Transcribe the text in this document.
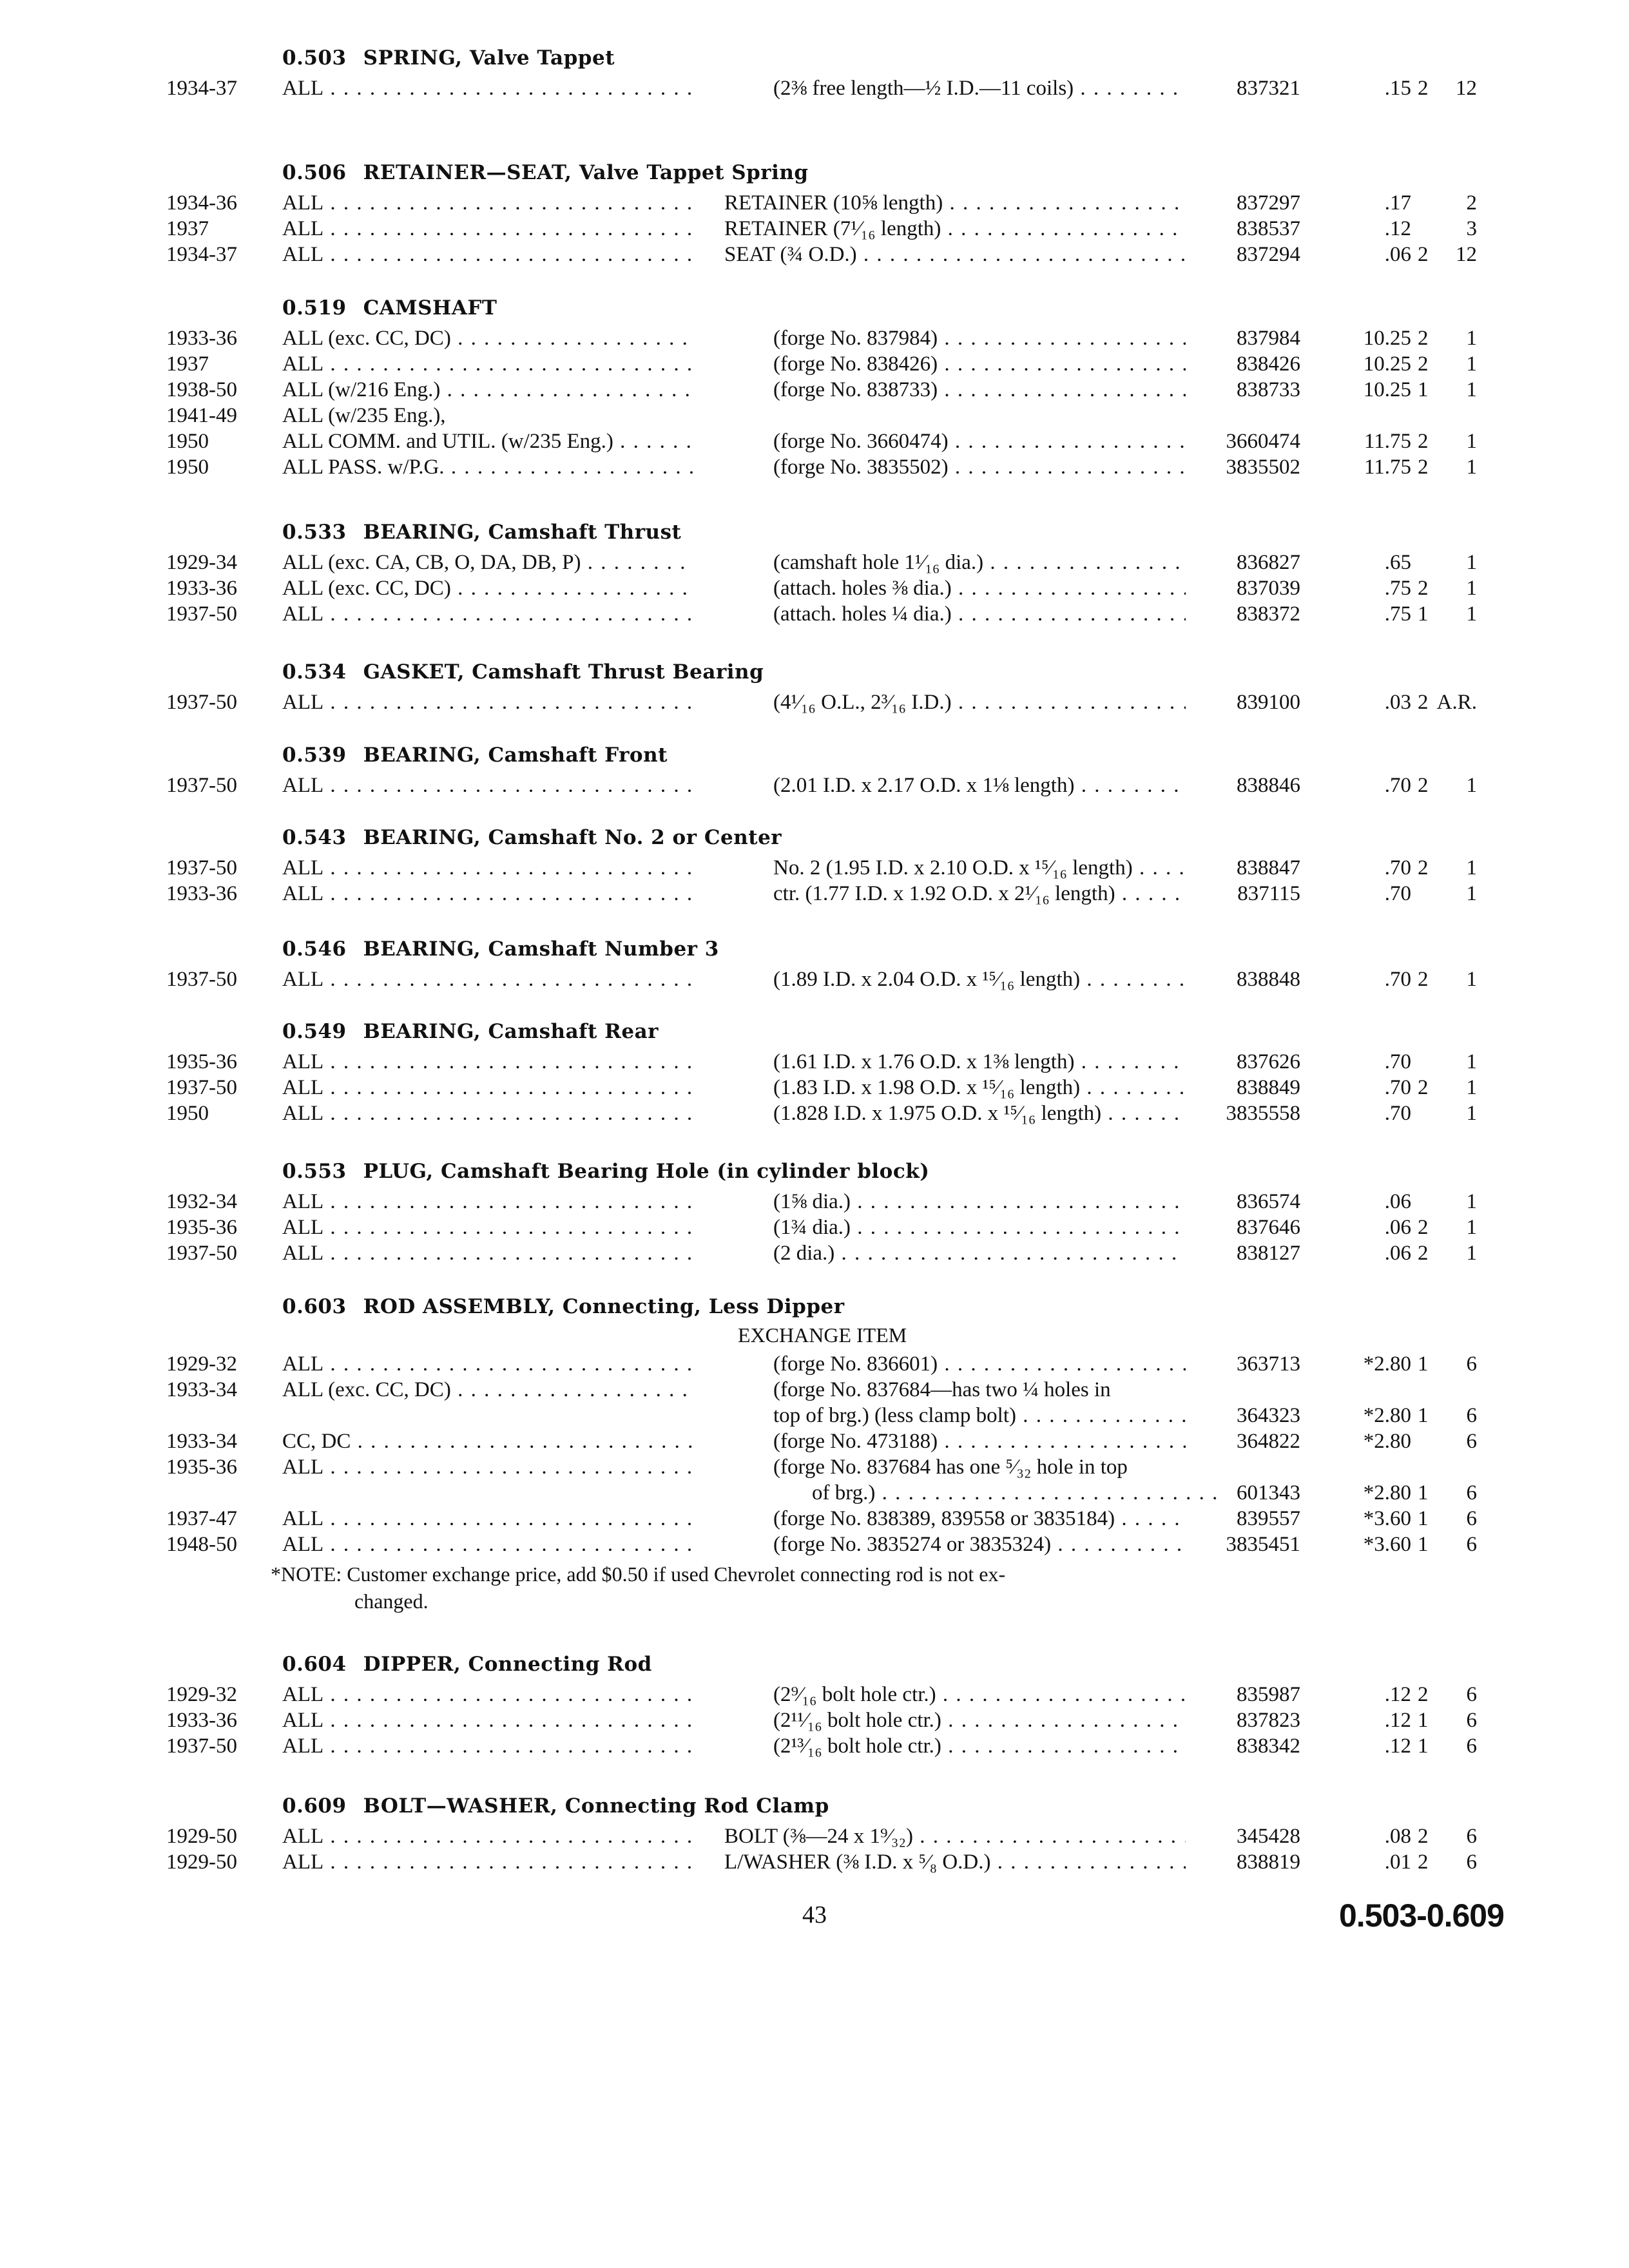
0.503 SPRING, Valve Tappet
1934-37 ALL . . .	(2⅜ free length—½ I.D.—11 coils) . . .	837321	.15 2 12
0.506 RETAINER—SEAT, Valve Tappet Spring
1934-36 ALL . . .	RETAINER (10⅝ length) . . .	837297	.17	2
1937	ALL . . .	RETAINER (7¹⁄₁₆ length) . . .	838537	.12	3
1934-37 ALL . . .	SEAT (¾ O.D.) . . .	837294	.06 2 12
0.519 CAMSHAFT
1933-36 ALL (exc. CC, DC) . . .	(forge No. 837984) . . .	837984	10.25 2 1
1937	ALL . . .	(forge No. 838426) . . .	838426	10.25 2 1
1938-50 ALL (w/216 Eng.) . . .	(forge No. 838733) . . .	838733	10.25 1 1
1941-49 ALL (w/235 Eng.),
1950	ALL COMM. and UTIL. (w/235 Eng.) . . .	(forge No. 3660474) . . .	3660474	11.75 2 1
1950	ALL PASS. w/P.G. . . .	(forge No. 3835502) . . .	3835502	11.75 2 1
0.533 BEARING, Camshaft Thrust
1929-34 ALL (exc. CA, CB, O, DA, DB, P) . . .	(camshaft hole 1¹⁄₁₆ dia.) . . .	836827	.65	1
1933-36 ALL (exc. CC, DC) . . .	(attach. holes ⅜ dia.) . . .	837039	.75 2 1
1937-50 ALL . . .	(attach. holes ¼ dia.) . . .	838372	.75 1 1
0.534 GASKET, Camshaft Thrust Bearing
1937-50 ALL . . .	(4¹⁄₁₆ O.L., 2³⁄₁₆ I.D.) . . .	839100	.03 2 A.R.
0.539 BEARING, Camshaft Front
1937-50 ALL . . .	(2.01 I.D. x 2.17 O.D. x 1⅛ length) . . .	838846	.70 2 1
0.543 BEARING, Camshaft No. 2 or Center
1937-50 ALL . . .	No. 2 (1.95 I.D. x 2.10 O.D. x ¹⁵⁄₁₆ length) . . .	838847	.70 2 1
1933-36 ALL . . .	ctr. (1.77 I.D. x 1.92 O.D. x 2¹⁄₁₆ length) . . .	837115	.70	1
0.546 BEARING, Camshaft Number 3
1937-50 ALL . . .	(1.89 I.D. x 2.04 O.D. x ¹⁵⁄₁₆ length) . . .	838848	.70 2 1
0.549 BEARING, Camshaft Rear
1935-36 ALL . . .	(1.61 I.D. x 1.76 O.D. x 1⅜ length) . . .	837626	.70	1
1937-50 ALL . . .	(1.83 I.D. x 1.98 O.D. x ¹⁵⁄₁₆ length) . . .	838849	.70 2 1
1950	ALL . . .	(1.828 I.D. x 1.975 O.D. x ¹⁵⁄₁₆ length) . . .	3835558	.70	1
0.553 PLUG, Camshaft Bearing Hole (in cylinder block)
1932-34 ALL . . .	(1⅝ dia.) . . .	836574	.06	1
1935-36 ALL . . .	(1¾ dia.) . . .	837646	.06 2 1
1937-50 ALL . . .	(2 dia.) . . .	838127	.06 2 1
0.603 ROD ASSEMBLY, Connecting, Less Dipper
EXCHANGE ITEM
1929-32 ALL . . .	(forge No. 836601) . . .	363713	*2.80 1 6
1933-34 ALL (exc. CC, DC) . . .	(forge No. 837684—has two ¼ holes in
top of brg.) (less clamp bolt) . . .	364323	*2.80 1 6
1933-34 CC, DC . . .	(forge No. 473188) . . .	364822	*2.80	6
1935-36 ALL . . .	(forge No. 837684 has one ⁵⁄₃₂ hole in top
of brg.) . . .	601343	*2.80 1 6
1937-47 ALL . . .	(forge No. 838389, 839558 or 3835184) . . .	839557	*3.60 1 6
1948-50 ALL . . .	(forge No. 3835274 or 3835324) . . .	3835451	*3.60 1 6
*NOTE: Customer exchange price, add $0.50 if used Chevrolet connecting rod is not ex-
changed.
0.604 DIPPER, Connecting Rod
1929-32 ALL . . .	(2⁹⁄₁₆ bolt hole ctr.) . . .	835987	.12 2 6
1933-36 ALL . . .	(2¹¹⁄₁₆ bolt hole ctr.) . . .	837823	.12 1 6
1937-50 ALL . . .	(2¹³⁄₁₆ bolt hole ctr.) . . .	838342	.12 1 6
0.609 BOLT—WASHER, Connecting Rod Clamp
1929-50 ALL . . .	BOLT (⅜—24 x 1⁹⁄₃₂) . . .	345428	.08 2 6
1929-50 ALL . . .	L/WASHER (⅜ I.D. x ⁵⁄₈ O.D.) . . .	838819	.01 2 6
43	0.503-0.609
